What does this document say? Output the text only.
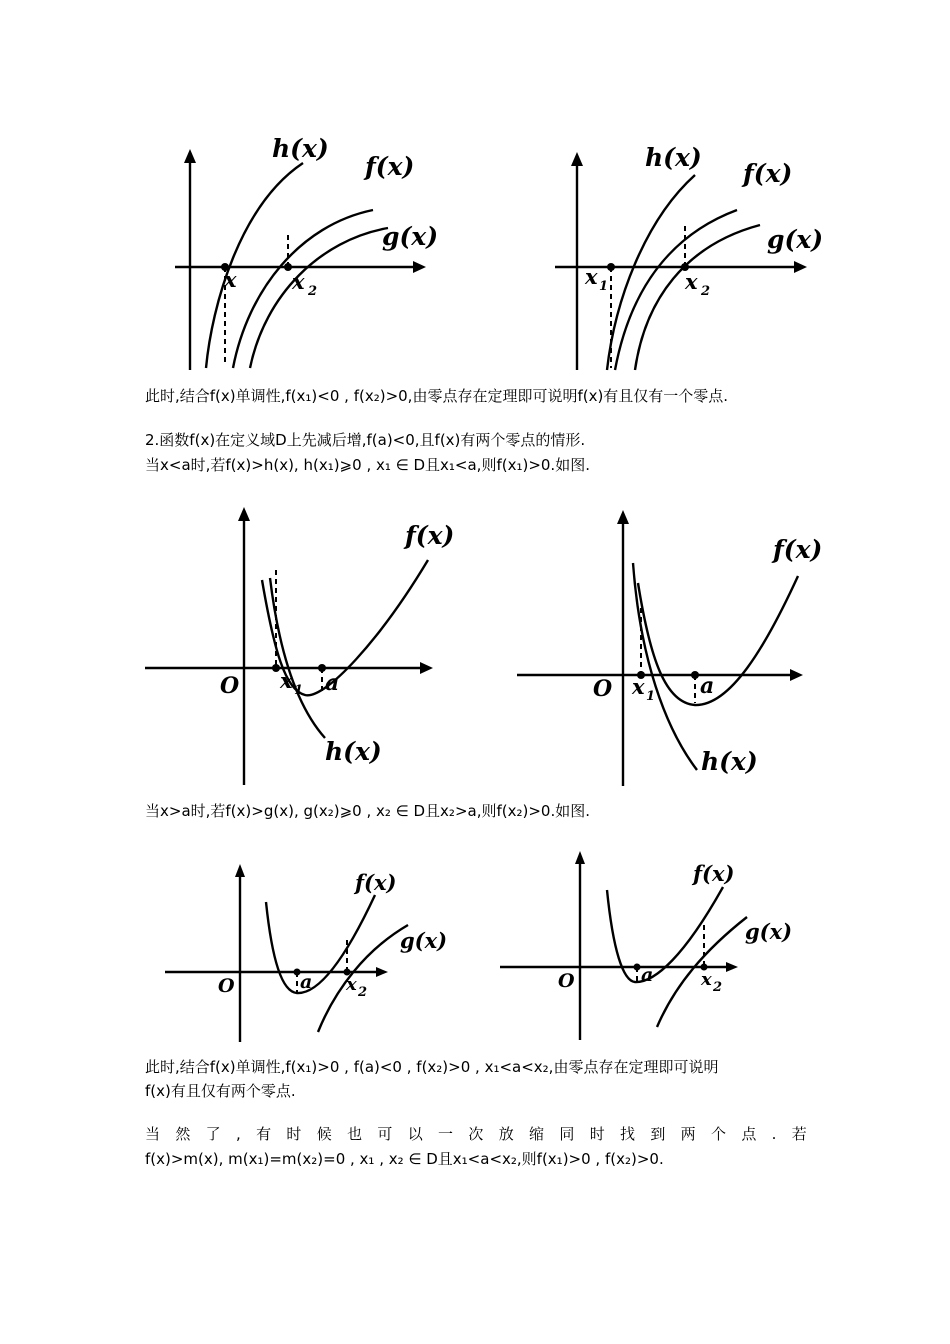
h(x)
f(x)
g(x)
x	x 2
h(x)
f(x)
g(x)
x 1	x 2
此时,结合f(x)单调性,f(x₁)<0 , f(x₂)>0,由零点存在定理即可说明f(x)有且仅有一个零点.
2.函数f(x)在定义域D上先减后增,f(a)<0,且f(x)有两个零点的情形.
当x<a时,若f(x)>h(x), h(x₁)⩾0 , x₁ ∈ D且x₁<a,则f(x₁)>0.如图.
f(x)
h(x)
O x 1 a
f(x)
h(x)
O x 1 a
当x>a时,若f(x)>g(x), g(x₂)⩾0 , x₂ ∈ D且x₂>a,则f(x₂)>0.如图.
f(x)
g(x)
O	a x 2
f(x)
g(x)
O	a	x 2
此时,结合f(x)单调性,f(x₁)>0 , f(a)<0 , f(x₂)>0 , x₁<a<x₂,由零点存在定理即可说明
f(x)有且仅有两个零点.
当 然 了 , 有 时 候 也 可 以 一 次 放 缩 同 时 找 到 两 个 点 . 若
f(x)>m(x), m(x₁)=m(x₂)=0 , x₁ , x₂ ∈ D且x₁<a<x₂,则f(x₁)>0 , f(x₂)>0.
